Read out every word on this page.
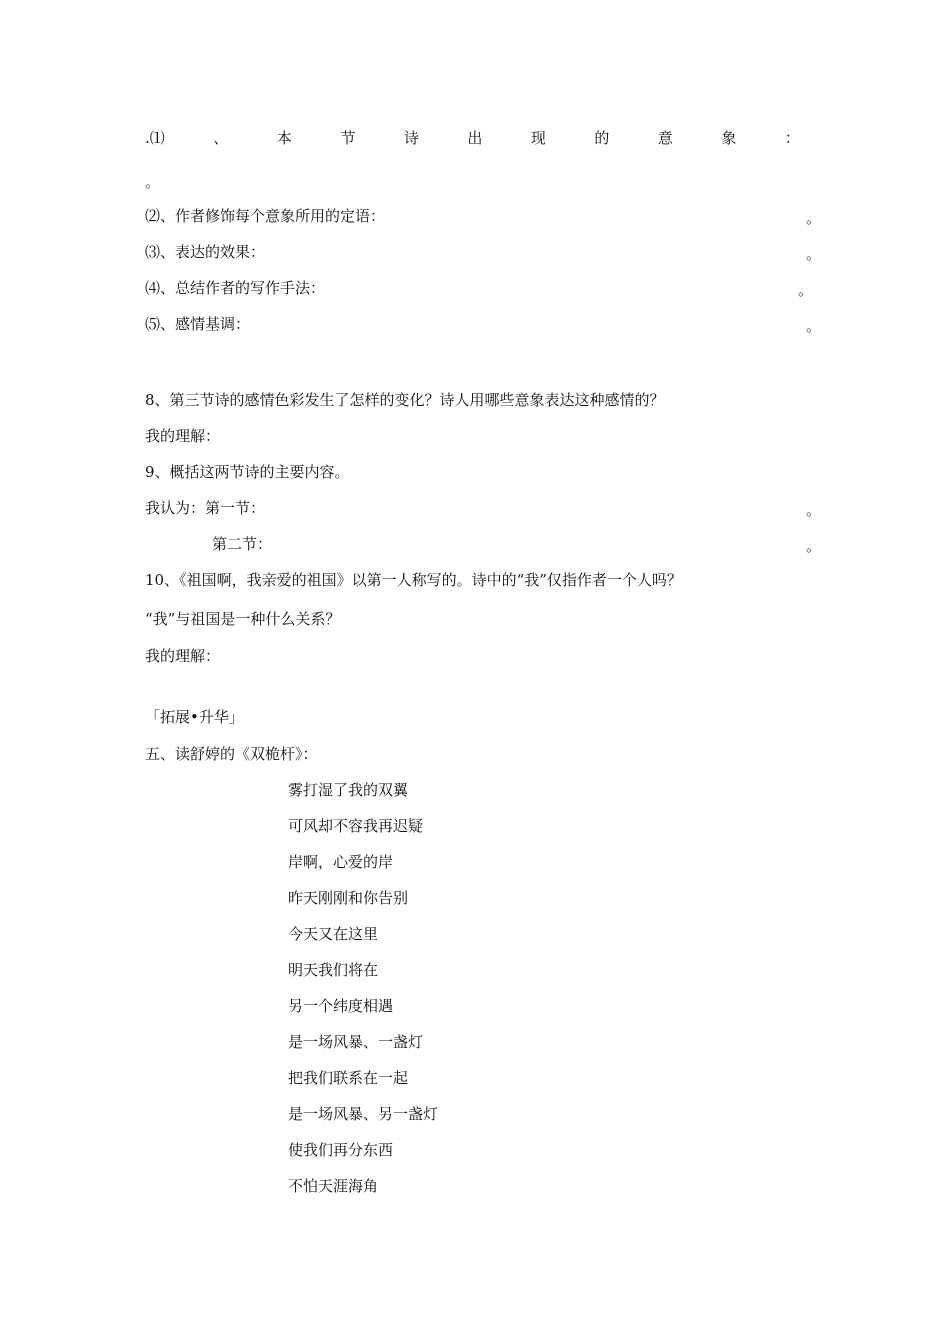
.⑴	、	本	节	诗	出	现	的	意	象	：
。
⑵、作者修饰每个意象所用的定语：	。
⑶、表达的效果：	。
⑷、总结作者的写作手法：	。
⑸、感情基调：	。
8、第三节诗的感情色彩发生了怎样的变化？诗人用哪些意象表达这种感情的？
我的理解：
9、概括这两节诗的主要内容。
我认为：第一节：	。
第二节：	。
10、《祖国啊，我亲爱的祖国》以第一人称写的。诗中的“我”仅指作者一个人吗？
“我”与祖国是一种什么关系？
我的理解：
「拓展•升华」
五、读舒婷的《双桅杆》：
雾打湿了我的双翼
可风却不容我再迟疑
岸啊，心爱的岸
昨天刚刚和你告别
今天又在这里
明天我们将在
另一个纬度相遇
是一场风暴、一盏灯
把我们联系在一起
是一场风暴、另一盏灯
使我们再分东西
不怕天涯海角
